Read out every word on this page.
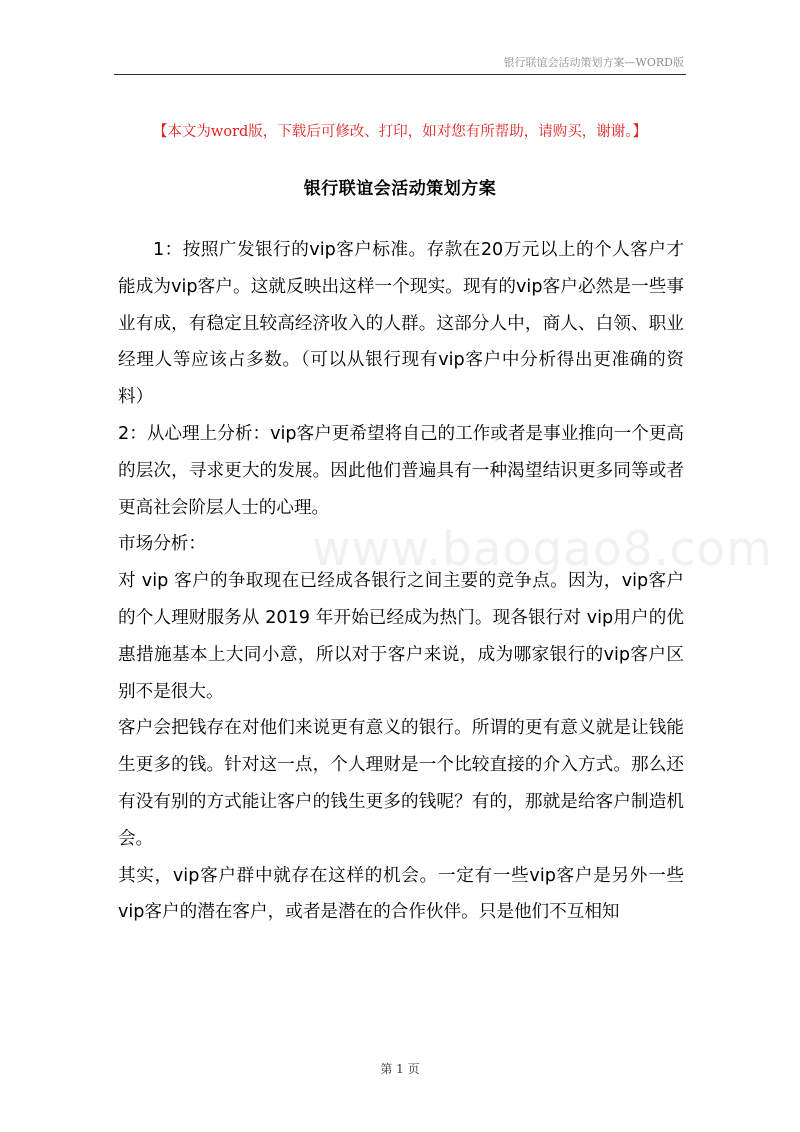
银行联谊会活动策划方案—WORD版
【本文为word版，下载后可修改、打印，如对您有所帮助，请购买，谢谢。】
银行联谊会活动策划方案

1：按照广发银行的vip客户标准。存款在20万元以上的个人客户才能成为vip客户。这就反映出这样一个现实。现有的vip客户必然是一些事业有成，有稳定且较高经济收入的人群。这部分人中，商人、白领、职业经理人等应该占多数。（可以从银行现有vip客户中分析得出更准确的资料）

2：从心理上分析：vip客户更希望将自己的工作或者是事业推向一个更高的层次，寻求更大的发展。因此他们普遍具有一种渴望结识更多同等或者更高社会阶层人士的心理。

市场分析：

对 vip 客户的争取现在已经成各银行之间主要的竞争点。因为，vip客户的个人理财服务从 2019 年开始已经成为热门。现各银行对 vip用户的优惠措施基本上大同小意，所以对于客户来说，成为哪家银行的vip客户区别不是很大。

客户会把钱存在对他们来说更有意义的银行。所谓的更有意义就是让钱能生更多的钱。针对这一点，个人理财是一个比较直接的介入方式。那么还有没有别的方式能让客户的钱生更多的钱呢？有的，那就是给客户制造机会。

其实，vip客户群中就存在这样的机会。一定有一些vip客户是另外一些vip客户的潜在客户，或者是潜在的合作伙伴。只是他们不互相知

www.baogao8.com
第 1 页
